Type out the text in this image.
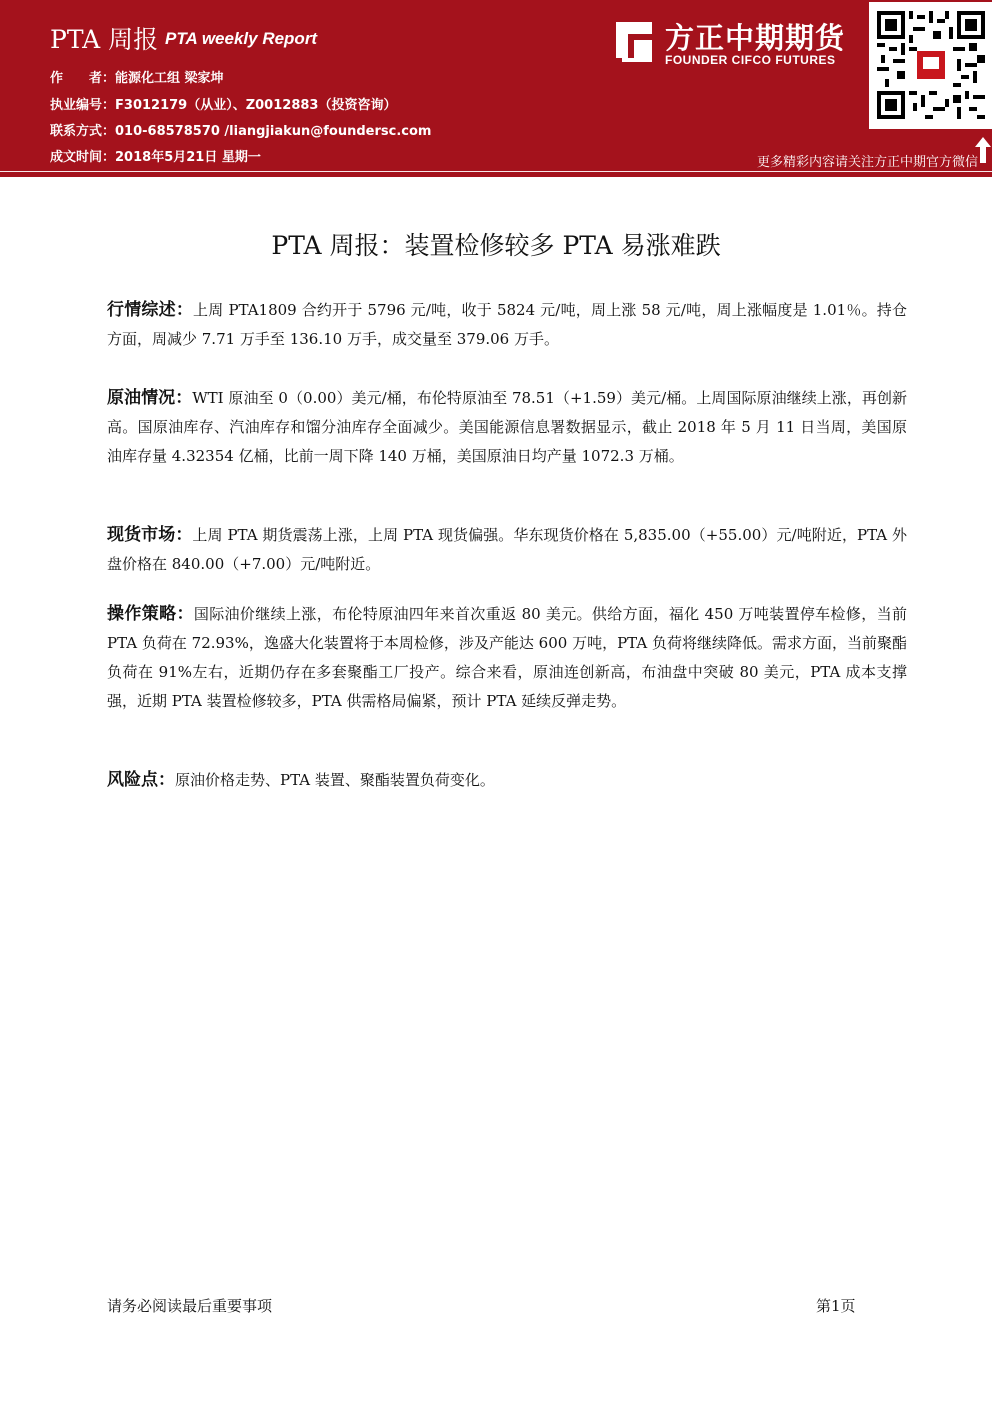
PTA 周报 PTA weekly Report
作　　者：能源化工组 梁家坤
执业编号：F3012179（从业）、Z0012883（投资咨询）
联系方式：010-68578570 /liangjiakun@foundersc.com
成文时间：2018年5月21日 星期一
方正中期期货
FOUNDER CIFCO FUTURES
更多精彩内容请关注方正中期官方微信
PTA 周报：装置检修较多 PTA 易涨难跌
行情综述：上周 PTA1809 合约开于 5796 元/吨，收于 5824 元/吨，周上涨 58 元/吨，周上涨幅度是 1.01％。持仓方面，周减少 7.71 万手至 136.10 万手，成交量至 379.06 万手。
原油情况：WTI 原油至 0（0.00）美元/桶，布伦特原油至 78.51（+1.59）美元/桶。上周国际原油继续上涨，再创新高。国原油库存、汽油库存和馏分油库存全面减少。美国能源信息署数据显示，截止 2018 年 5 月 11 日当周，美国原油库存量 4.32354 亿桶，比前一周下降 140 万桶，美国原油日均产量 1072.3 万桶。
现货市场：上周 PTA 期货震荡上涨，上周 PTA 现货偏强。华东现货价格在 5,835.00（+55.00）元/吨附近，PTA 外盘价格在 840.00（+7.00）元/吨附近。
操作策略：国际油价继续上涨，布伦特原油四年来首次重返 80 美元。供给方面，福化 450 万吨装置停车检修，当前 PTA 负荷在 72.93%，逸盛大化装置将于本周检修，涉及产能达 600 万吨，PTA 负荷将继续降低。需求方面，当前聚酯负荷在 91%左右，近期仍存在多套聚酯工厂投产。综合来看，原油连创新高，布油盘中突破 80 美元，PTA 成本支撑强，近期 PTA 装置检修较多，PTA 供需格局偏紧，预计 PTA 延续反弹走势。
风险点：原油价格走势、PTA 装置、聚酯装置负荷变化。
请务必阅读最后重要事项	第1页
